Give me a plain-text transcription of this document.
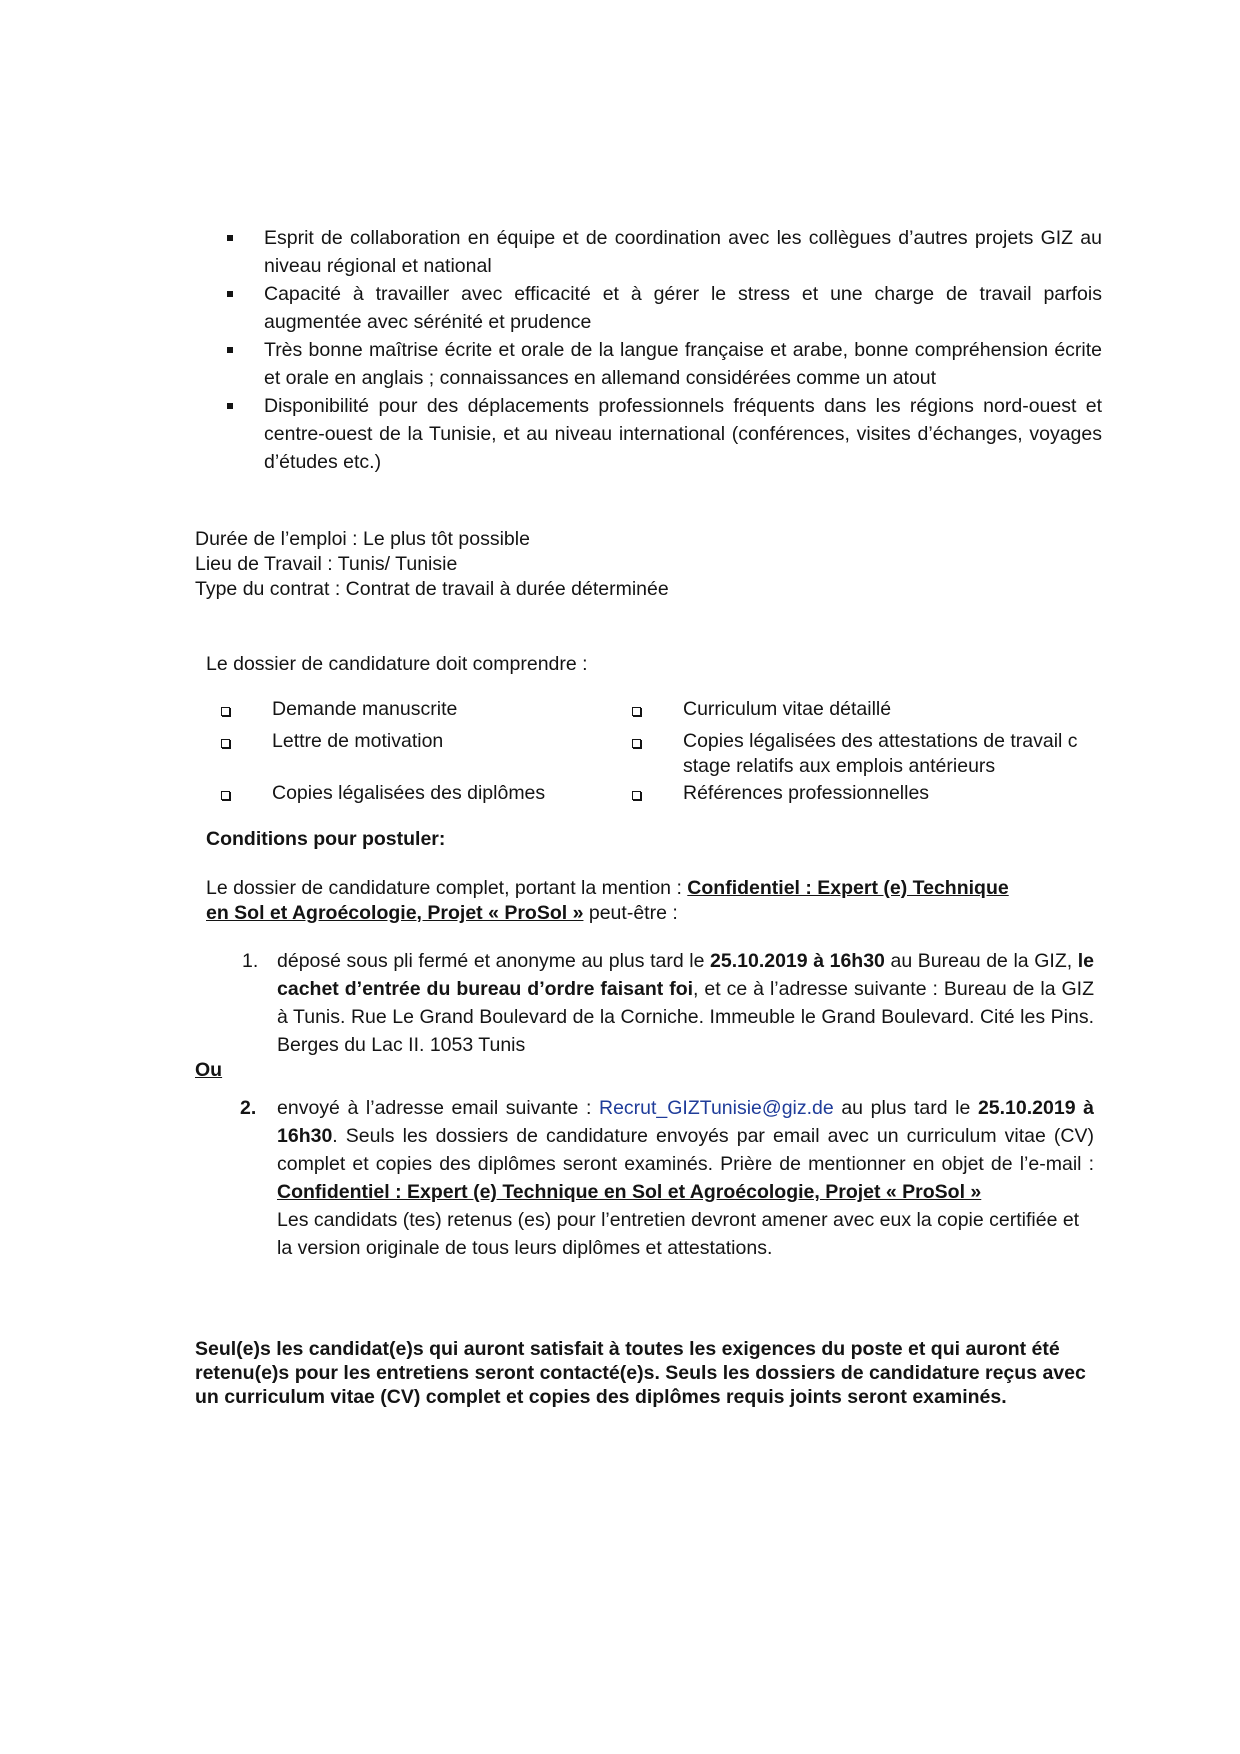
Esprit de collaboration en équipe et de coordination avec les collègues d’autres projets GIZ au niveau régional et national
Capacité à travailler avec efficacité et à gérer le stress et une charge de travail parfois augmentée avec sérénité et prudence
Très bonne maîtrise écrite et orale de la langue française et arabe, bonne compréhension écrite et orale en anglais ; connaissances en allemand considérées comme un atout
Disponibilité pour des déplacements professionnels fréquents dans les régions nord-ouest et centre-ouest de la Tunisie, et au niveau international (conférences, visites d’échanges, voyages d’études etc.)
Durée de l’emploi : Le plus tôt possible
Lieu de Travail : Tunis/ Tunisie
Type du contrat : Contrat de travail à durée déterminée
Le dossier de candidature doit comprendre :
Demande manuscrite	Curriculum vitae détaillé
Lettre de motivation	Copies légalisées des attestations de travail c
stage relatifs aux emplois antérieurs
Copies légalisées des diplômes	Références professionnelles
Conditions pour postuler:
Le dossier de candidature complet, portant la mention : Confidentiel : Expert (e) Technique
en Sol et Agroécologie, Projet « ProSol » peut-être :
1. déposé sous pli fermé et anonyme au plus tard le 25.10.2019 à 16h30 au Bureau de la GIZ, le cachet d’entrée du bureau d’ordre faisant foi, et ce à l’adresse suivante : Bureau de la GIZ à Tunis. Rue Le Grand Boulevard de la Corniche. Immeuble le Grand Boulevard. Cité les Pins. Berges du Lac II. 1053 Tunis
Ou
2. envoyé à l’adresse email suivante : Recrut_GIZTunisie@giz.de au plus tard le 25.10.2019 à 16h30. Seuls les dossiers de candidature envoyés par email avec un curriculum vitae (CV) complet et copies des diplômes seront examinés. Prière de mentionner en objet de l’e-mail : Confidentiel : Expert (e) Technique en Sol et Agroécologie, Projet « ProSol »
Les candidats (tes) retenus (es) pour l’entretien devront amener avec eux la copie certifiée et
la version originale de tous leurs diplômes et attestations.
Seul(e)s les candidat(e)s qui auront satisfait à toutes les exigences du poste et qui auront été retenu(e)s pour les entretiens seront contacté(e)s. Seuls les dossiers de candidature reçus avec un curriculum vitae (CV) complet et copies des diplômes requis joints seront examinés.
